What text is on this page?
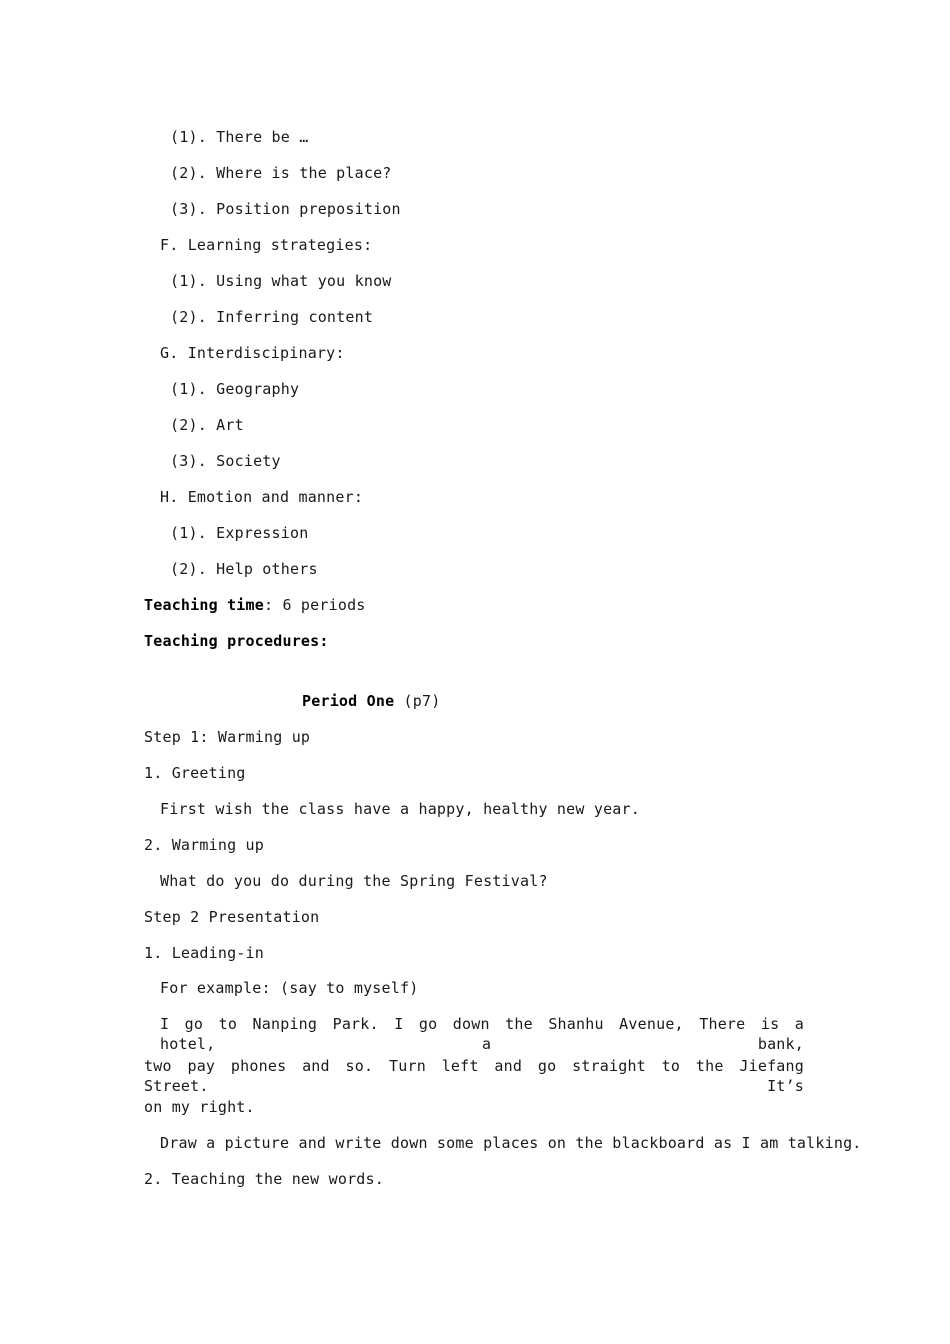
(1). There be …
(2). Where is the place?
(3). Position preposition
F. Learning strategies:
(1). Using what you know
(2). Inferring content
G. Interdiscipinary:
(1). Geography
(2). Art
(3). Society
H. Emotion and manner:
(1). Expression
(2). Help others
Teaching time: 6 periods
Teaching procedures:
Period One (p7)
Step 1: Warming up
1. Greeting
First wish the class have a happy, healthy new year.
2. Warming up
What do you do during the Spring Festival?
Step 2 Presentation
1. Leading-in
For example: (say to myself)
I go to Nanping Park. I go down the Shanhu Avenue, There is a hotel, a bank,
two pay phones and so. Turn left and go straight to the Jiefang Street. It’s
on my right.
Draw a picture and write down some places on the blackboard as I am talking.
2. Teaching the new words.
